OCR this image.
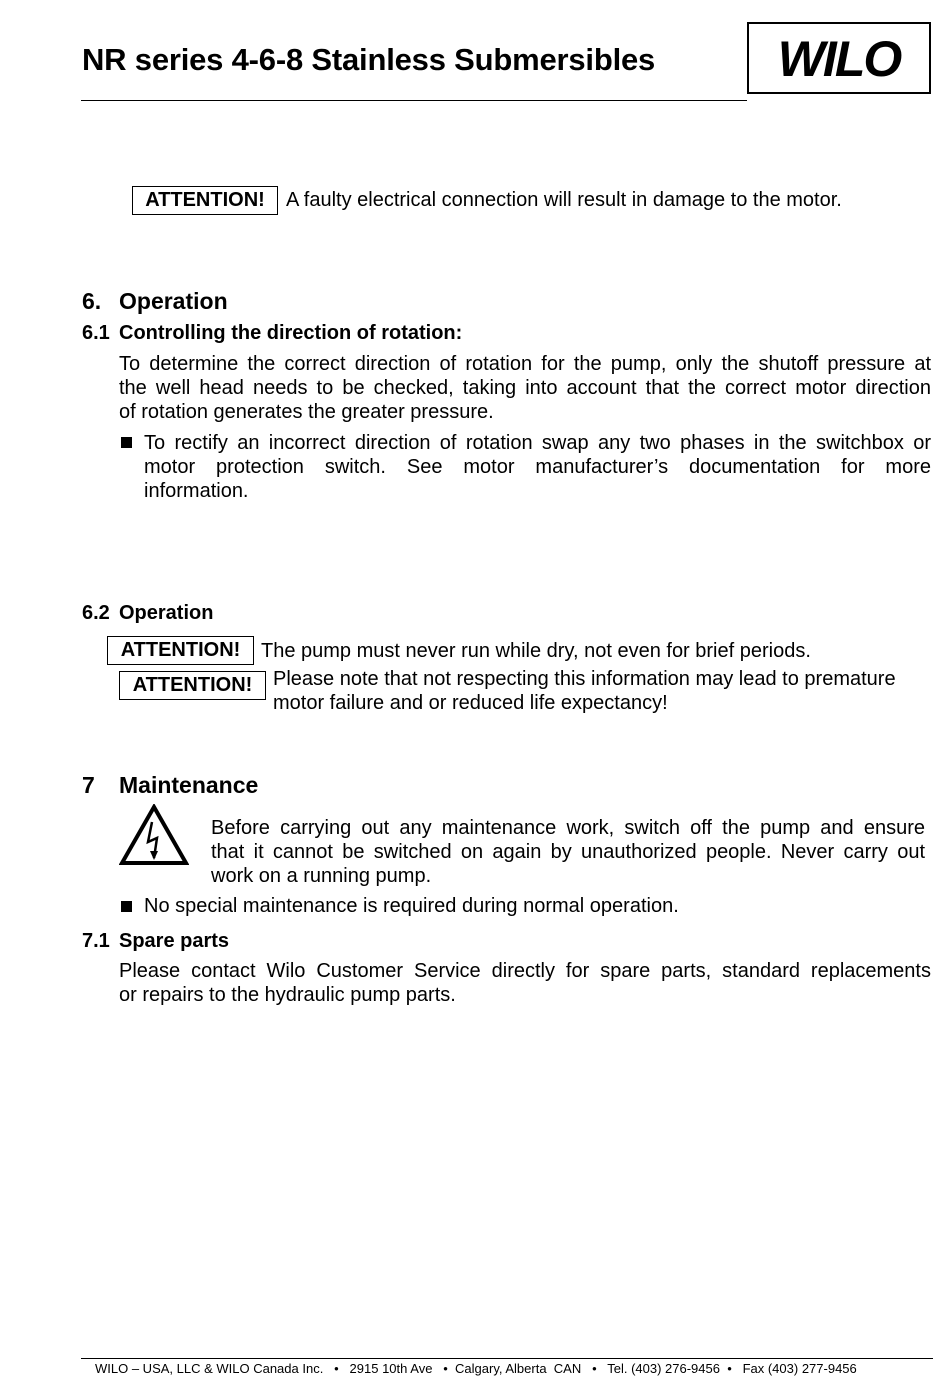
NR series 4-6-8 Stainless Submersibles WILO
ATTENTION!	A faulty electrical connection will result in damage to the motor.
6. Operation
6.1 Controlling the direction of rotation:
To determine the correct direction of rotation for the pump, only the shutoff pressure at
the well head needs to be checked, taking into account that the correct motor direction
of rotation generates the greater pressure.
To rectify an incorrect direction of rotation swap any two phases in the switchbox or
motor protection switch. See motor manufacturer’s documentation for more
information.
6.2 Operation
ATTENTION!	The pump must never run while dry, not even for brief periods.
ATTENTION!	Please note that not respecting this information may lead to premature
motor failure and or reduced life expectancy!
7 Maintenance
Before carrying out any maintenance work, switch off the pump and ensure
that it cannot be switched on again by unauthorized people. Never carry out
work on a running pump.
No special maintenance is required during normal operation.
7.1 Spare parts
Please contact Wilo Customer Service directly for spare parts, standard replacements
or repairs to the hydraulic pump parts.
WILO – USA, LLC & WILO Canada Inc.   •   2915 10th Ave   •  Calgary, Alberta  CAN   •   Tel. (403) 276-9456  •   Fax (403) 277-9456
